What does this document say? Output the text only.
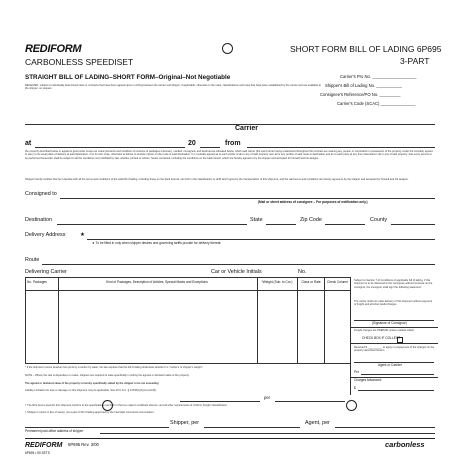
REDIFORM
CARBONLESS SPEEDISET
SHORT FORM BILL OF LADING 6P695
3-PART
STRAIGHT BILL OF LADING–SHORT FORM–Original–Not Negotiable
RECEIVED, subject to individually determined rates or contracts that have been agreed upon in writing between the carrier and shipper, if applicable, otherwise to the rates, classifications and rules that have been established by the carrier and are available to the shipper, on request.
Carrier's Pro No. ___________________
Shipper's Bill of Lading No. ___________
Consignee's Reference/PO No. _________
Carrier's Code (SCAC) _______________
Carrier
at	20	from
the property described below in apparent good order except as noted (contents and condition of contents of packages unknown), marked, consigned, and destined as indicated below, which said carrier (the word carrier being understood throughout this contract as meaning any person or corporation in possession of the property under the contract) agrees to carry to its usual place of delivery at said destination, if on its own route, otherwise to deliver to another carrier on the route to said destination. It is mutually agreed as to each carrier of all or any of said property over all or any portion of said route to destination and as to each party at any time interested in all or any of said property, that every service to be performed hereunder shall be subject to all the conditions not prohibited by law, whether printed or written, herein contained, including the conditions on the back hereof, which are hereby agreed to by the shipper and accepted for himself and his assigns.
Shipper hereby certifies that he is familiar with all the terms and conditions of the said bill of lading, including those on the back thereof, set forth in the classification or tariff which governs the transportation of this shipment, and the said terms and conditions are hereby agreed to by the shipper and accepted for himself and his assigns.
Consigned to
(Mail or street address of consignee – For purposes of notification only.)
Destination	State	Zip Code	County
Delivery Address	★
★ To be filled in only when shipper desires and governing tariffs provide for delivery thereat.
Route
Delivering Carrier	Car or Vehicle Initials	No.
No. Packages	Kind of Packages, Description of Articles, Special Marks and Exceptions	*Weight (Sub. to Cor.)	Class or Rate	Check Column	Subject to Section 7 of Conditions of applicable bill of lading, if this shipment is to be delivered to the consignee without recourse on the consignor, the consignor shall sign the following statement:
The carrier shall not make delivery of this shipment without payment of freight and all other lawful charges.
(Signature of Consignor)
Freight charges are PREPAID unless marked collect
CHECK BOX IF COLLECT
Received $ __________ to apply in prepayment of the charges on the property described hereon.
Agent or Cashier
Per
Charges Advanced:
$
* If the shipment moves between two ports by a carrier by water, the law requires that the bill of lading shall state whether it is "carrier's or shipper's weight".
NOTE – Where the rate is dependent on value, shippers are required to state specifically in writing the agreed or declared value of the property.
The agreed or declared value of the property is hereby specifically stated by the shipper to be not exceeding
Liability Limitation for loss or damage on this shipment may be applicable. See 49 U.S.C. § 14706(c)(1)(A) and (B).
per
† The fibre boxes used for this shipment conform to the specifications set forth in the box maker's certificate thereon, and all other requirements of Uniform Freight Classification.
† Shipper's imprint in lieu of stamp; not a part of bill of lading approved by the Interstate Commerce Commission.
Shipper, per	Agent, per
Permanent post-office address of shipper
REDIFORM 6P695 Rev. 3/00
6P695 • 50 SETS
carbonless
